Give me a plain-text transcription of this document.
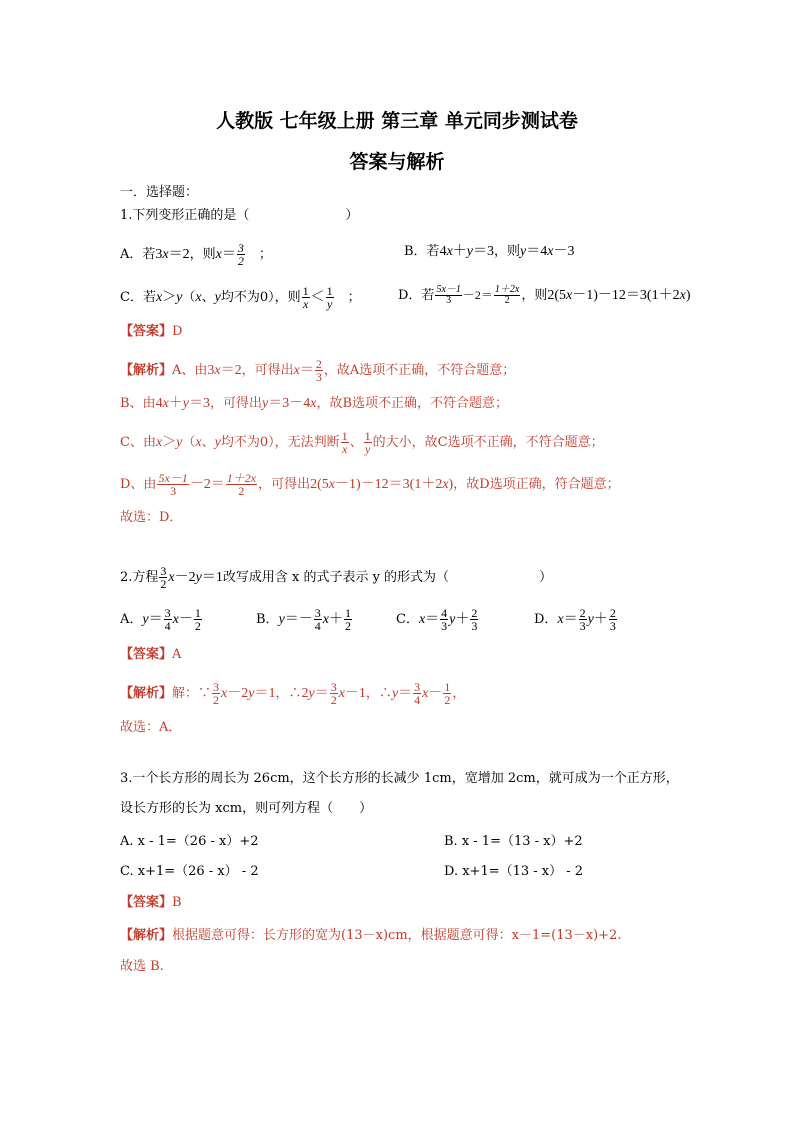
人教版 七年级上册 第三章 单元同步测试卷
答案与解析
一．选择题：
1.下列变形正确的是（	）
A．若3x＝2，则$x= \frac{3}{2}$
　 ；	B．若4x＋y＝3，则y＝4x－3
C．若x＞y（x、y均不为0），则 $\frac{1}{x} < \frac{1}{y}$
　 ；	D．若 $\frac{5x-1}{3} -2= \frac{1+2x}{2}$ ，则2(5x－1)－12＝3(1＋2x)
【答案】D
【解析】A、由3x＝2，可得出$x= \frac{2}{3}$ ，故A选项不正确，不符合题意；
B、由4x＋y＝3，可得出y＝3－4x，故B选项不正确，不符合题意；
C、由x＞y（x、y均不为0），无法判断 $\frac{1}{x}$ 、 $\frac{1}{y}$ 的大小，故C选项不正确，不符合题意；
D、由 $\frac{5x-1}{3} -2= \frac{1+2x}{2}$ ，可得出2(5x－1)－12＝3(1＋2x)，故D选项正确，符合题意；
故选：D．
2.方程 $\frac{3}{2} x-2y=1$改写成用含 x 的式子表示 y 的形式为（	）
A．$y= \frac{3}{4} x- \frac{1}{2}$	B．$y=- \frac{3}{4} x+ \frac{1}{2}$	C．$x= \frac{4}{3} y+ \frac{2}{3}$	D．$x= \frac{2}{3} y+ \frac{2}{3}$
【答案】A
【解析】解：∵ $\frac{3}{2} x-2y=1$，∴2y＝ $\frac{3}{2} x-1$，∴y＝ $\frac{3}{4} x- \frac{1}{2}$ ，
故选：A．
3.一个长方形的周长为 26cm，这个长方形的长减少 1cm，宽增加 2cm，就可成为一个正方形，
设长方形的长为 xcm，则可列方程（　　）
A. x - 1=（26 - x）+2	B. x - 1=（13 - x）+2
C. x+1=（26 - x） - 2	D. x+1=（13 - x） - 2
【答案】B
【解析】根据题意可得：长方形的宽为(13－x)cm，根据题意可得：x－1=(13－x)+2.
故选 B.
